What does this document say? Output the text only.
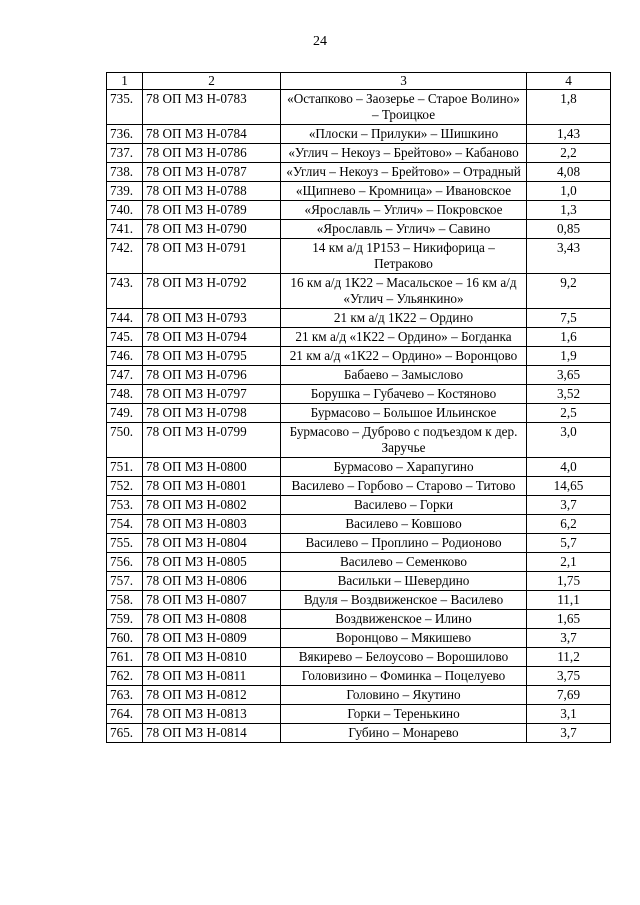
24
1	2	3	4
735.	78 ОП МЗ Н-0783	«Остапково – Заозерье – Старое Волино» – Троицкое	1,8
736.	78 ОП МЗ Н-0784	«Плоски – Прилуки» – Шишкино	1,43
737.	78 ОП МЗ Н-0786	«Углич – Некоуз – Брейтово» – Кабаново	2,2
738.	78 ОП МЗ Н-0787	«Углич – Некоуз – Брейтово» – Отрадный	4,08
739.	78 ОП МЗ Н-0788	«Щипнево – Кромница» – Ивановское	1,0
740.	78 ОП МЗ Н-0789	«Ярославль – Углич» – Покровское	1,3
741.	78 ОП МЗ Н-0790	«Ярославль – Углич» – Савино	0,85
742.	78 ОП МЗ Н-0791	14 км а/д 1Р153 – Никифорица – Петраково	3,43
743.	78 ОП МЗ Н-0792	16 км а/д 1К22 – Масальское – 16 км а/д «Углич – Ульянкино»	9,2
744.	78 ОП МЗ Н-0793	21 км а/д 1К22 – Ордино	7,5
745.	78 ОП МЗ Н-0794	21 км а/д «1К22 – Ордино» – Богданка	1,6
746.	78 ОП МЗ Н-0795	21 км а/д «1К22 – Ордино» – Воронцово	1,9
747.	78 ОП МЗ Н-0796	Бабаево – Замыслово	3,65
748.	78 ОП МЗ Н-0797	Борушка – Губачево – Костяново	3,52
749.	78 ОП МЗ Н-0798	Бурмасово – Большое Ильинское	2,5
750.	78 ОП МЗ Н-0799	Бурмасово – Дуброво с подъездом к дер. Заручье	3,0
751.	78 ОП МЗ Н-0800	Бурмасово – Харапугино	4,0
752.	78 ОП МЗ Н-0801	Василево – Горбово – Старово – Титово	14,65
753.	78 ОП МЗ Н-0802	Василево – Горки	3,7
754.	78 ОП МЗ Н-0803	Василево – Ковшово	6,2
755.	78 ОП МЗ Н-0804	Василево – Проплино – Родионово	5,7
756.	78 ОП МЗ Н-0805	Василево – Семенково	2,1
757.	78 ОП МЗ Н-0806	Васильки – Шевердино	1,75
758.	78 ОП МЗ Н-0807	Вдуля – Воздвиженское – Василево	11,1
759.	78 ОП МЗ Н-0808	Воздвиженское – Илино	1,65
760.	78 ОП МЗ Н-0809	Воронцово – Мякишево	3,7
761.	78 ОП МЗ Н-0810	Вякирево – Белоусово – Ворошилово	11,2
762.	78 ОП МЗ Н-0811	Головизино – Фоминка – Поцелуево	3,75
763.	78 ОП МЗ Н-0812	Головино – Якутино	7,69
764.	78 ОП МЗ Н-0813	Горки – Теренькино	3,1
765.	78 ОП МЗ Н-0814	Губино – Монарево	3,7
